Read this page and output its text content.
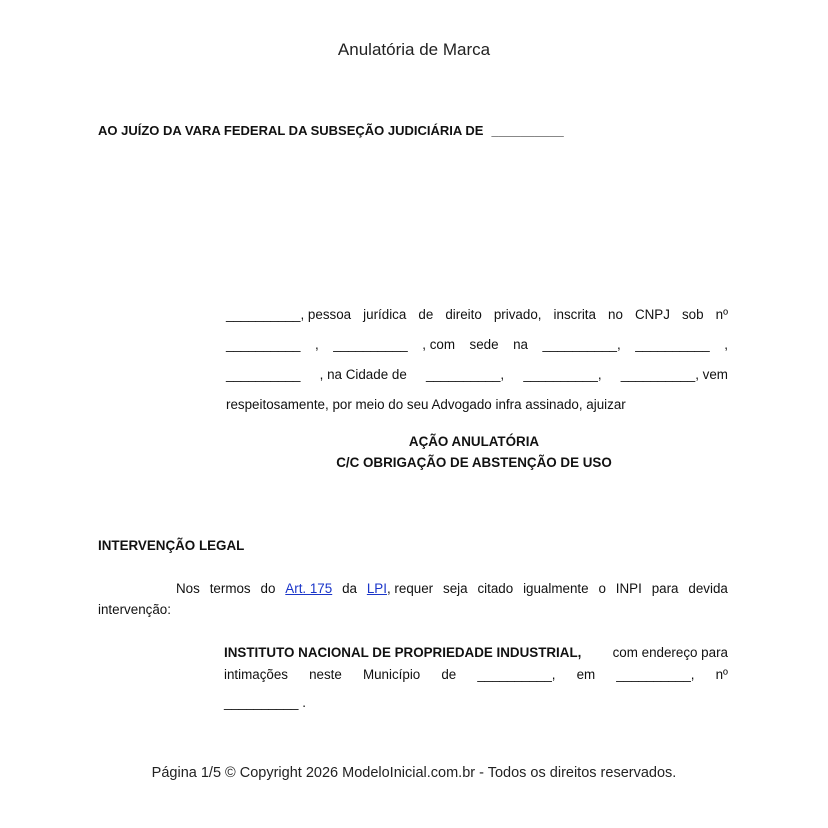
Anulatória de Marca
AO JUÍZO DA VARA FEDERAL DA SUBSEÇÃO JUDICIÁRIA DE __________
__________, pessoa jurídica de direito privado, inscrita no CNPJ sob nº
__________ , __________ , com sede na __________, __________ ,
__________ , na Cidade de __________, __________, __________, vem
respeitosamente, por meio do seu Advogado infra assinado, ajuizar
AÇÃO ANULATÓRIA
C/C OBRIGAÇÃO DE ABSTENÇÃO DE USO
INTERVENÇÃO LEGAL
Nos termos do Art. 175 da LPI, requer seja citado igualmente o INPI para devida
intervenção:
INSTITUTO NACIONAL DE PROPRIEDADE INDUSTRIAL, com endereço para
intimações neste Município de __________, em __________, nº
__________
.
Página 1/5 © Copyright 2026 ModeloInicial.com.br - Todos os direitos reservados.
